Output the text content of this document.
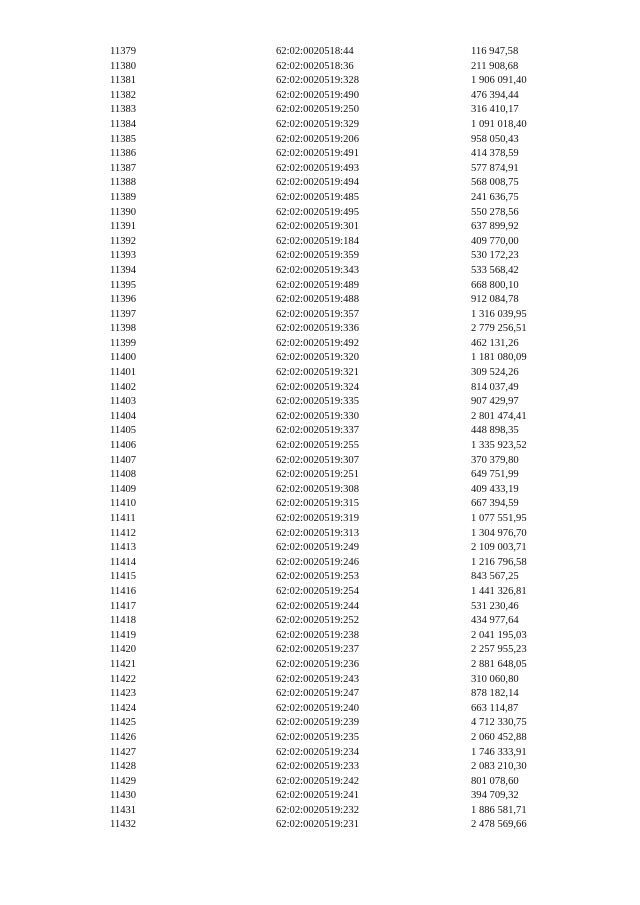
11379	62:02:0020518:44	116 947,58
11380	62:02:0020518:36	211 908,68
11381	62:02:0020519:328	1 906 091,40
11382	62:02:0020519:490	476 394,44
11383	62:02:0020519:250	316 410,17
11384	62:02:0020519:329	1 091 018,40
11385	62:02:0020519:206	958 050,43
11386	62:02:0020519:491	414 378,59
11387	62:02:0020519:493	577 874,91
11388	62:02:0020519:494	568 008,75
11389	62:02:0020519:485	241 636,75
11390	62:02:0020519:495	550 278,56
11391	62:02:0020519:301	637 899,92
11392	62:02:0020519:184	409 770,00
11393	62:02:0020519:359	530 172,23
11394	62:02:0020519:343	533 568,42
11395	62:02:0020519:489	668 800,10
11396	62:02:0020519:488	912 084,78
11397	62:02:0020519:357	1 316 039,95
11398	62:02:0020519:336	2 779 256,51
11399	62:02:0020519:492	462 131,26
11400	62:02:0020519:320	1 181 080,09
11401	62:02:0020519:321	309 524,26
11402	62:02:0020519:324	814 037,49
11403	62:02:0020519:335	907 429,97
11404	62:02:0020519:330	2 801 474,41
11405	62:02:0020519:337	448 898,35
11406	62:02:0020519:255	1 335 923,52
11407	62:02:0020519:307	370 379,80
11408	62:02:0020519:251	649 751,99
11409	62:02:0020519:308	409 433,19
11410	62:02:0020519:315	667 394,59
11411	62:02:0020519:319	1 077 551,95
11412	62:02:0020519:313	1 304 976,70
11413	62:02:0020519:249	2 109 003,71
11414	62:02:0020519:246	1 216 796,58
11415	62:02:0020519:253	843 567,25
11416	62:02:0020519:254	1 441 326,81
11417	62:02:0020519:244	531 230,46
11418	62:02:0020519:252	434 977,64
11419	62:02:0020519:238	2 041 195,03
11420	62:02:0020519:237	2 257 955,23
11421	62:02:0020519:236	2 881 648,05
11422	62:02:0020519:243	310 060,80
11423	62:02:0020519:247	878 182,14
11424	62:02:0020519:240	663 114,87
11425	62:02:0020519:239	4 712 330,75
11426	62:02:0020519:235	2 060 452,88
11427	62:02:0020519:234	1 746 333,91
11428	62:02:0020519:233	2 083 210,30
11429	62:02:0020519:242	801 078,60
11430	62:02:0020519:241	394 709,32
11431	62:02:0020519:232	1 886 581,71
11432	62:02:0020519:231	2 478 569,66
